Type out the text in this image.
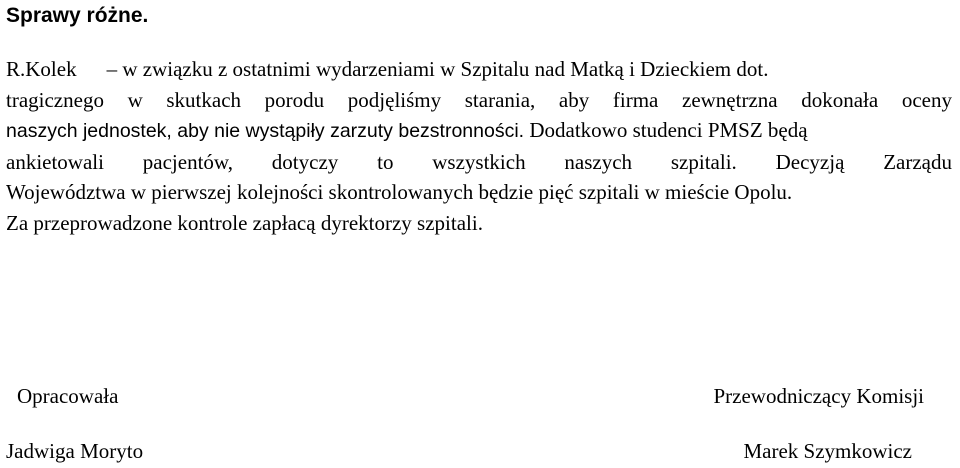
Sprawy różne.
R.Kolek – w związku z ostatnimi wydarzeniami w Szpitalu nad Matką i Dzieckiem dot.
tragicznego w skutkach porodu podjęliśmy starania, aby firma zewnętrzna dokonała oceny
naszych jednostek, aby nie wystąpiły zarzuty bezstronności. Dodatkowo studenci PMSZ będą
ankietowali pacjentów, dotyczy to wszystkich naszych szpitali. Decyzją Zarządu
Województwa w pierwszej kolejności skontrolowanych będzie pięć szpitali w mieście Opolu.
Za przeprowadzone kontrole zapłacą dyrektorzy szpitali.
Opracowała
Jadwiga Moryto
Przewodniczący Komisji
Marek Szymkowicz
